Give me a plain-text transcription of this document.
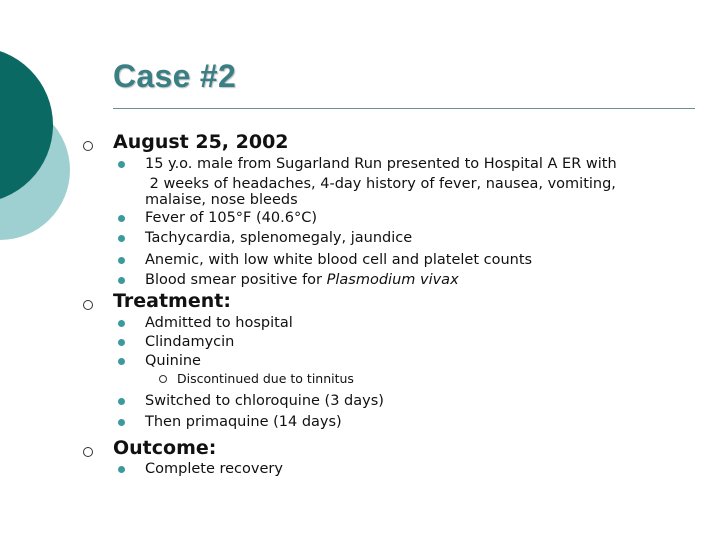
Case #2
August 25, 2002
15 y.o. male from Sugarland Run presented to Hospital A ER with
2 weeks of headaches, 4-day history of fever, nausea, vomiting,
malaise, nose bleeds
Fever of 105°F (40.6°C)
Tachycardia, splenomegaly, jaundice
Anemic, with low white blood cell and platelet counts
Blood smear positive for Plasmodium vivax
Treatment:
Admitted to hospital
Clindamycin
Quinine
Discontinued due to tinnitus
Switched to chloroquine (3 days)
Then primaquine (14 days)
Outcome:
Complete recovery
